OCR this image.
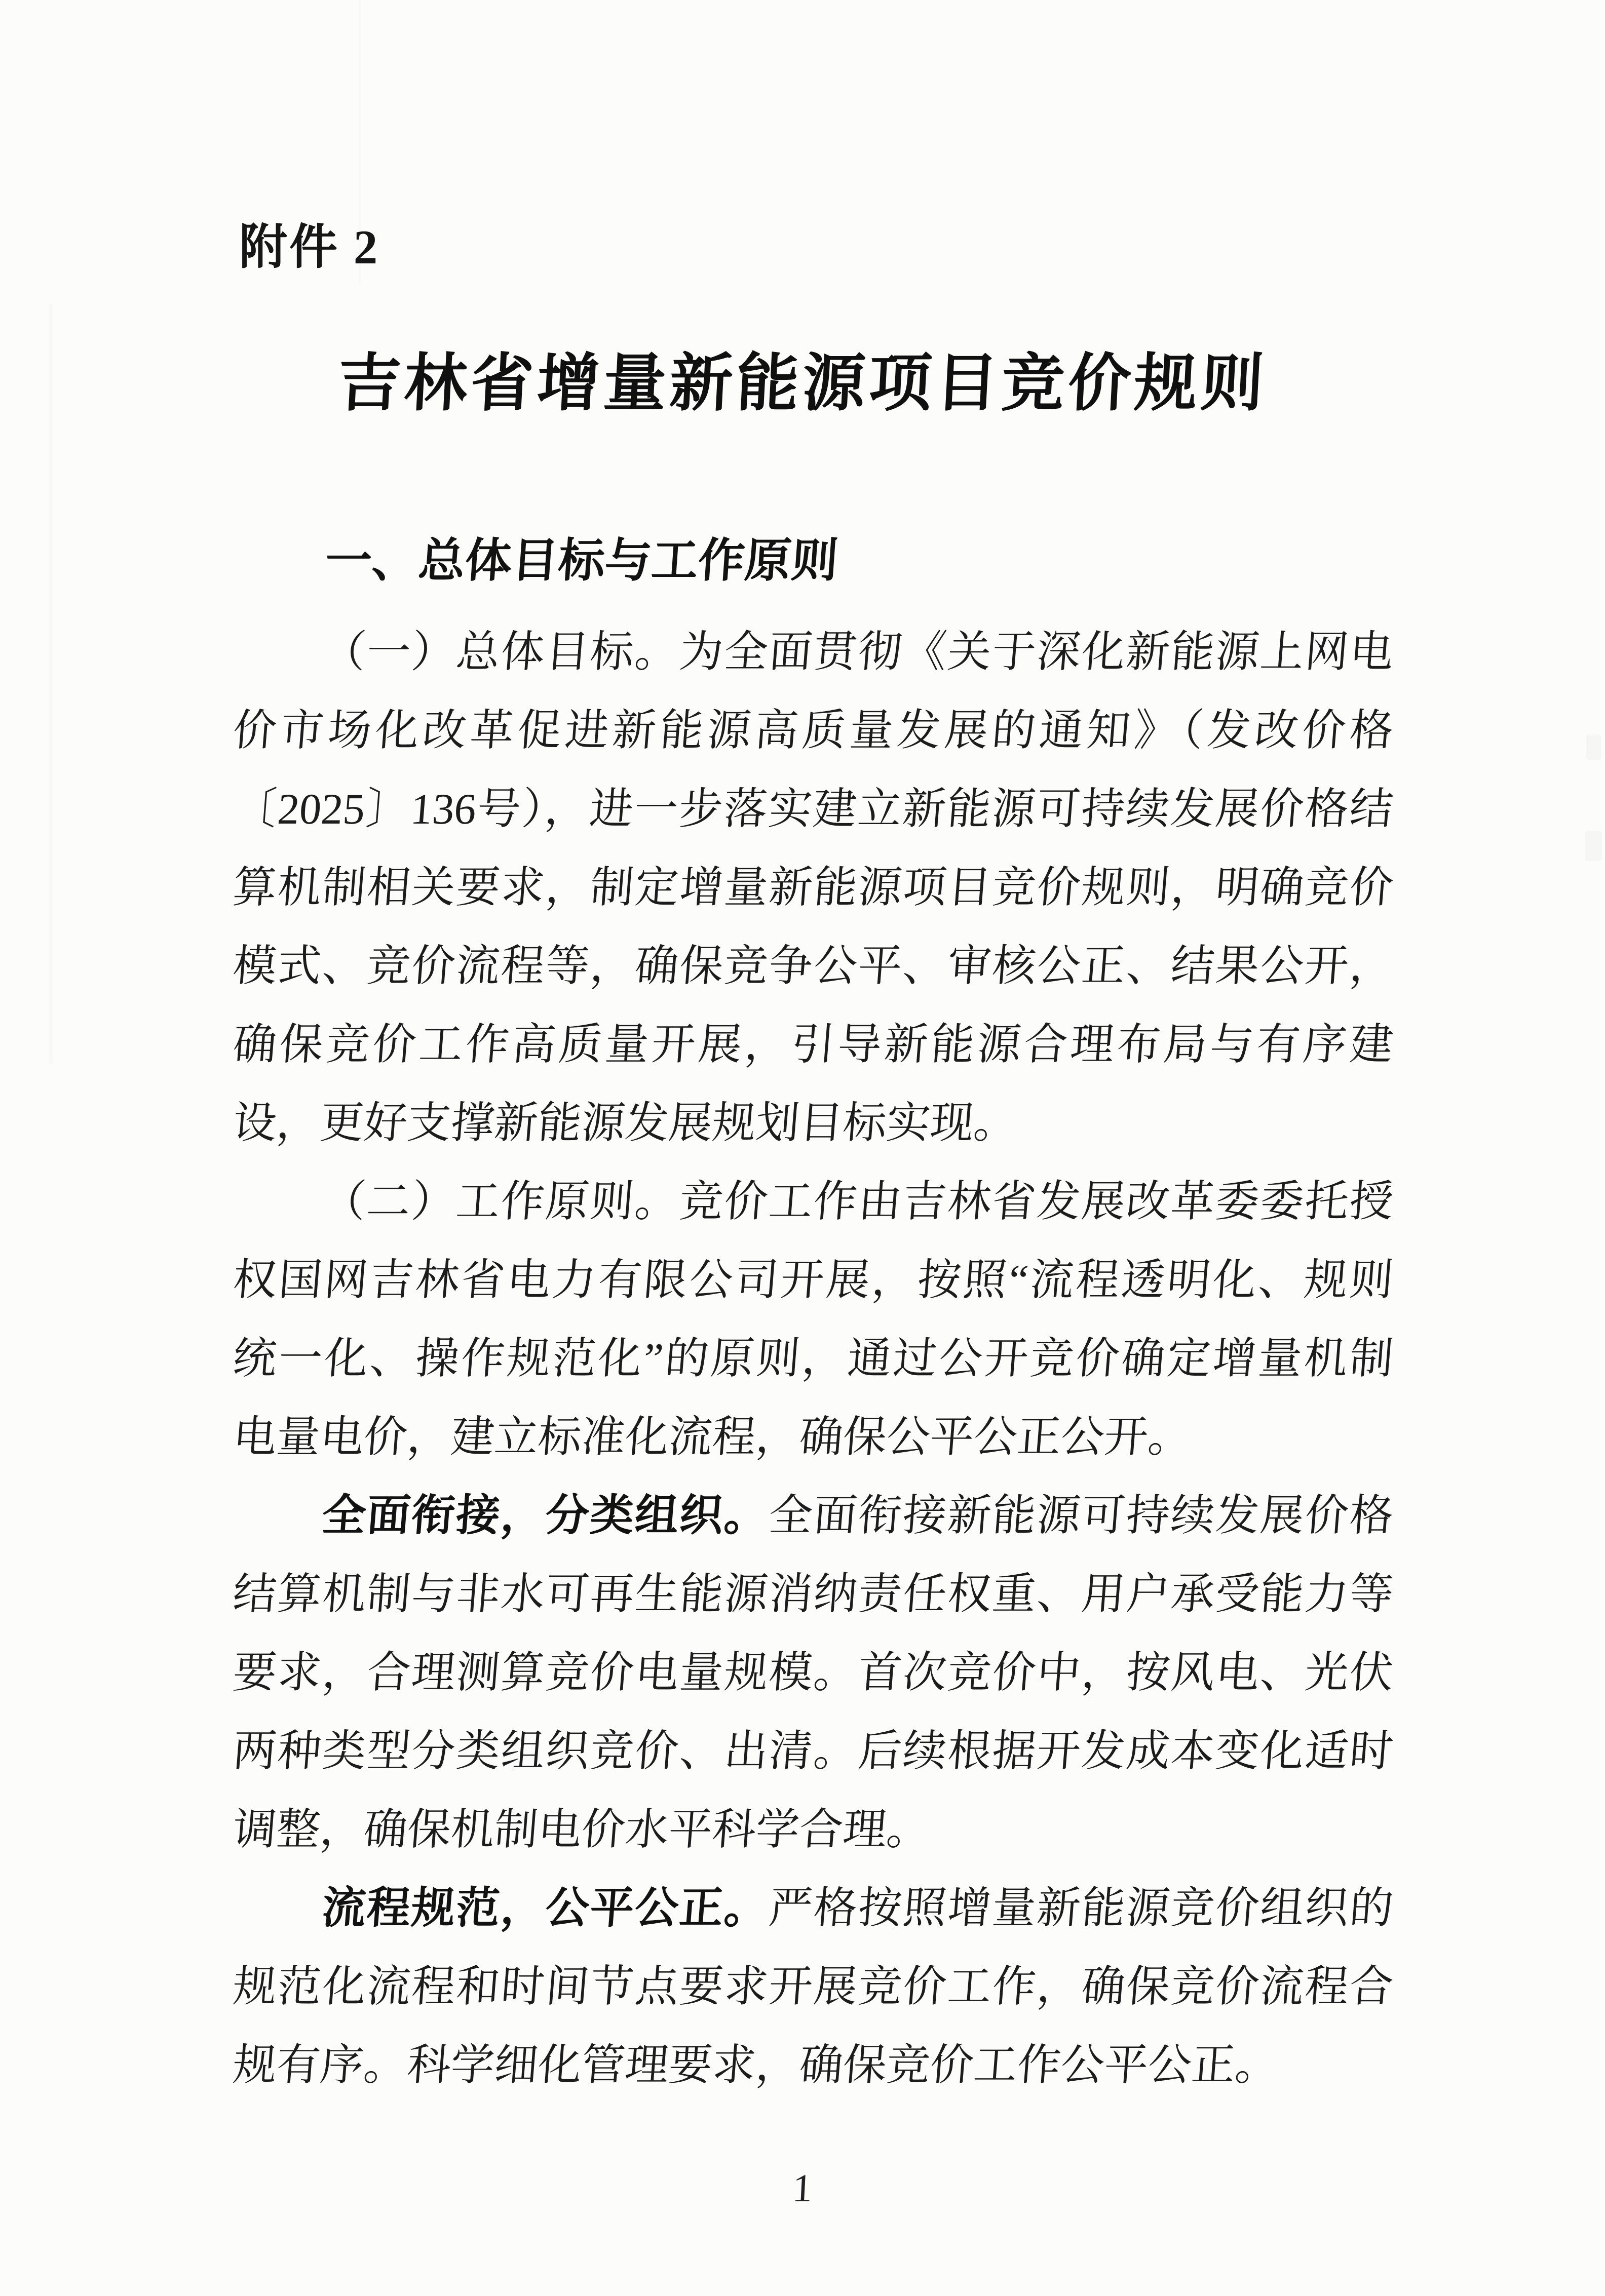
附件 2
吉林省增量新能源项目竞价规则
一、总体目标与工作原则
（一）总体目标。为全面贯彻《关于深化新能源上网电
价市场化改革促进新能源高质量发展的通知》（发改价格
〔2025〕136号），进一步落实建立新能源可持续发展价格结
算机制相关要求，制定增量新能源项目竞价规则，明确竞价
模式、竞价流程等，确保竞争公平、审核公正、结果公开，
确保竞价工作高质量开展，引导新能源合理布局与有序建
设，更好支撑新能源发展规划目标实现。
（二）工作原则。竞价工作由吉林省发展改革委委托授
权国网吉林省电力有限公司开展，按照“流程透明化、规则
统一化、操作规范化”的原则，通过公开竞价确定增量机制
电量电价，建立标准化流程，确保公平公正公开。
全面衔接，分类组织。全面衔接新能源可持续发展价格
结算机制与非水可再生能源消纳责任权重、用户承受能力等
要求，合理测算竞价电量规模。首次竞价中，按风电、光伏
两种类型分类组织竞价、出清。后续根据开发成本变化适时
调整，确保机制电价水平科学合理。
流程规范，公平公正。严格按照增量新能源竞价组织的
规范化流程和时间节点要求开展竞价工作，确保竞价流程合
规有序。科学细化管理要求，确保竞价工作公平公正。
1
